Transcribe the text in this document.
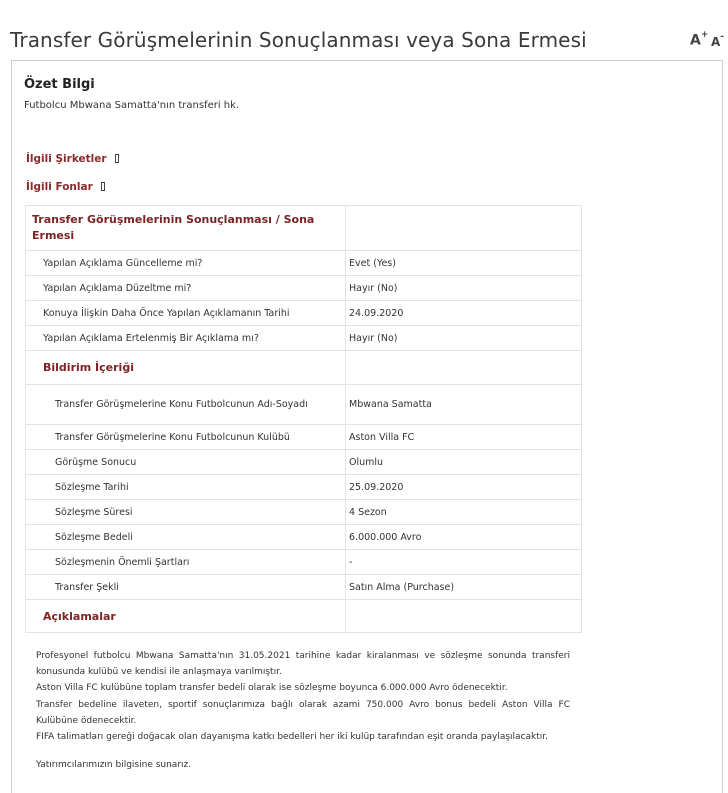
Transfer Görüşmelerinin Sonuçlanması veya Sona Ermesi	A+ A-
Özet Bilgi
Futbolcu Mbwana Samatta'nın transferi hk.
İlgili Şirketler
İlgili Fonlar
Transfer Görüşmelerinin Sonuçlanması / Sona Ermesi	
Yapılan Açıklama Güncelleme mi?	Evet (Yes)
Yapılan Açıklama Düzeltme mi?	Hayır (No)
Konuya İlişkin Daha Önce Yapılan Açıklamanın Tarihi	24.09.2020
Yapılan Açıklama Ertelenmiş Bir Açıklama mı?	Hayır (No)
Bildirim İçeriği	
Transfer Görüşmelerine Konu Futbolcunun Adı-Soyadı	Mbwana Samatta
Transfer Görüşmelerine Konu Futbolcunun Kulübü	Aston Villa FC
Görüşme Sonucu	Olumlu
Sözleşme Tarihi	25.09.2020
Sözleşme Süresi	4 Sezon
Sözleşme Bedeli	6.000.000 Avro
Sözleşmenin Önemli Şartları	-
Transfer Şekli	Satın Alma (Purchase)
Açıklamalar	

Profesyonel futbolcu Mbwana Samatta'nın 31.05.2021 tarihine kadar kiralanması ve sözleşme sonunda transferi konusunda kulübü ve kendisi ile anlaşmaya varılmıştır.

Aston Villa FC kulübüne toplam transfer bedeli olarak ise sözleşme boyunca 6.000.000 Avro ödenecektir.

Transfer bedeline ilaveten, sportif sonuçlarımıza bağlı olarak azami 750.000 Avro bonus bedeli Aston Villa FC Kulübüne ödenecektir.

FIFA talimatları gereği doğacak olan dayanışma katkı bedelleri her iki kulüp tarafından eşit oranda paylaşılacaktır.

Yatırımcılarımızın bilgisine sunarız.
